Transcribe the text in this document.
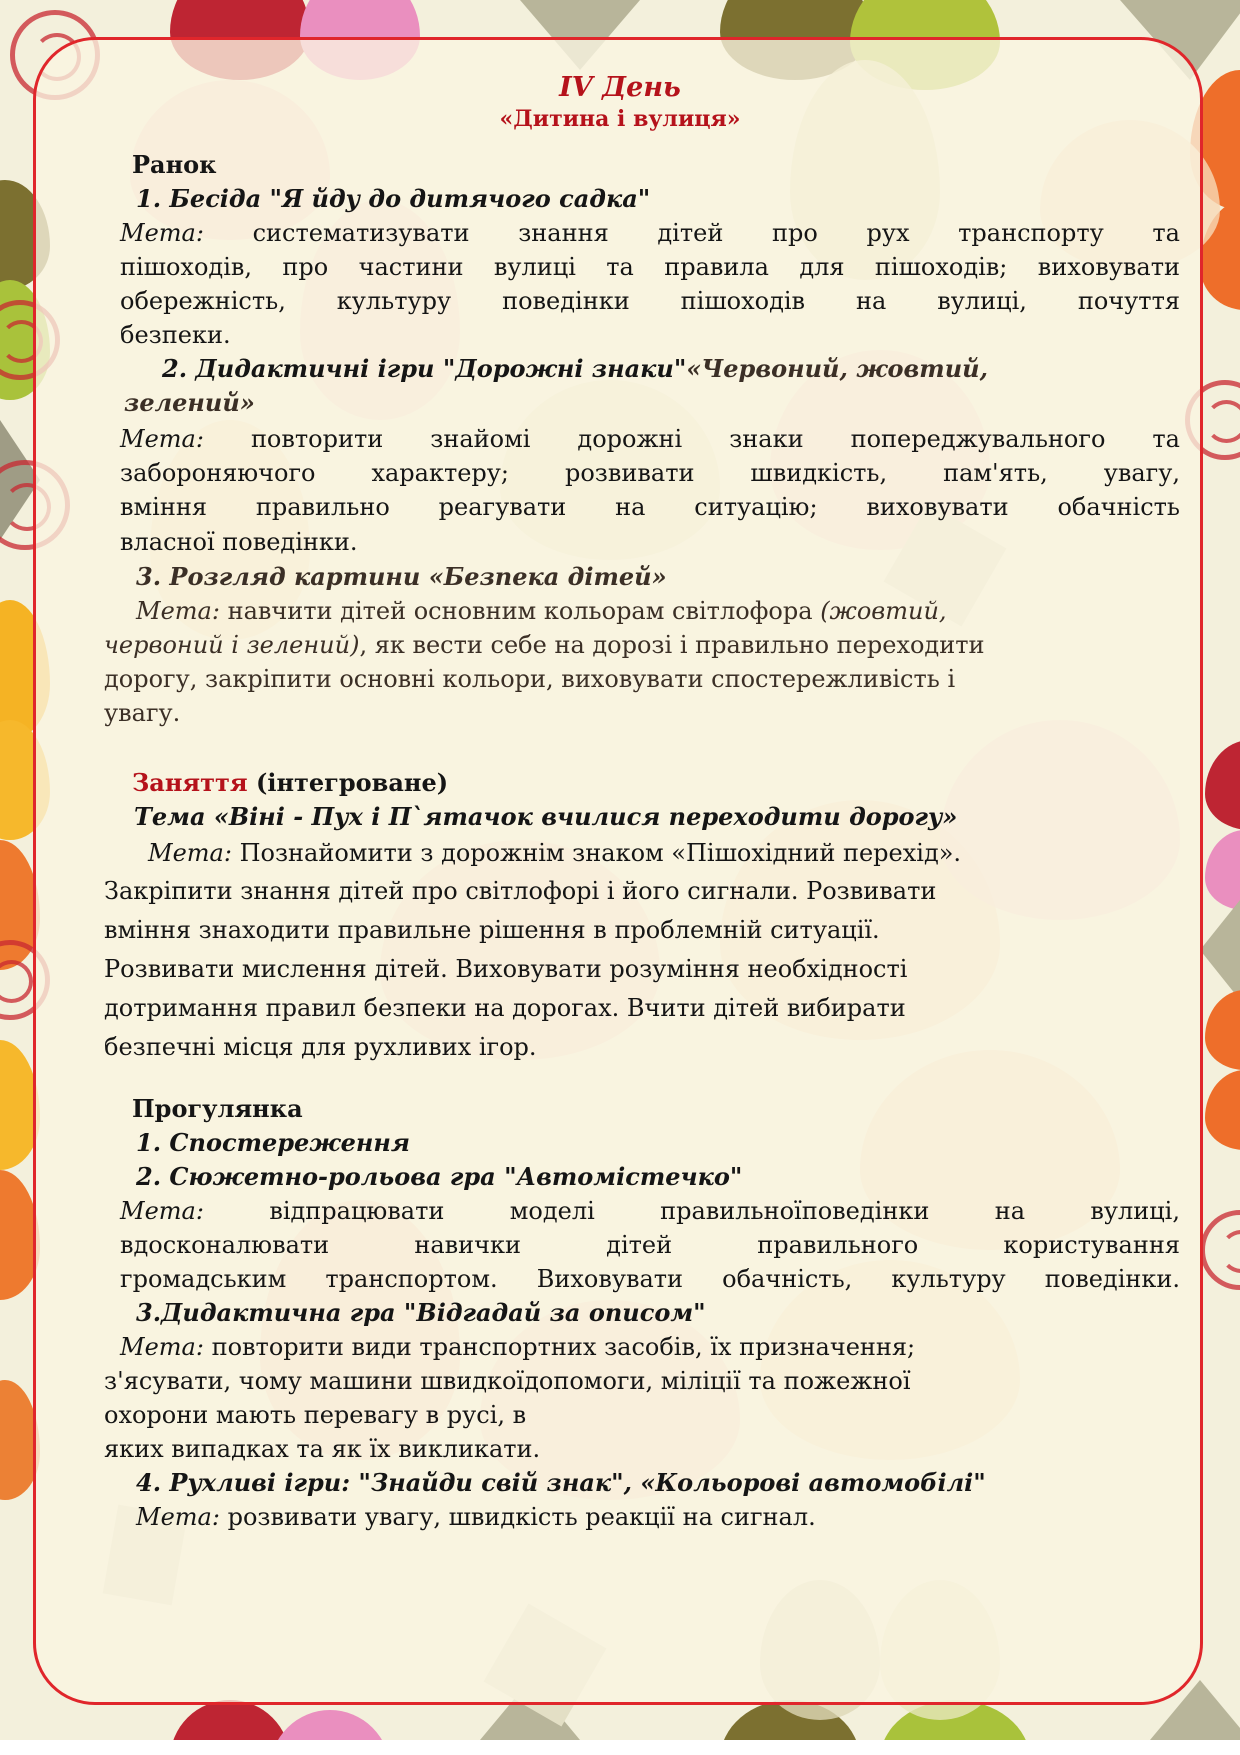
IV День
«Дитина і вулиця»
Ранок
1. Бесіда "Я йду до дитячого садка"
Мета: систематизувати знання дітей про рух транспорту та
пішоходів, про частини вулиці та правила для пішоходів; виховувати
обережність, культуру поведінки пішоходів на вулиці, почуття
безпеки.
2. Дидактичні ігри "Дорожні знаки"«Червоний, жовтий,
зелений»
Мета: повторити знайомі дорожні знаки попереджувального та
забороняючого характеру; розвивати швидкість, пам'ять, увагу,
вміння правильно реагувати на ситуацію; виховувати обачність
власної поведінки.
3. Розгляд картини «Безпека дітей»
Мета: навчити дітей основним кольорам світлофора (жовтий,
червоний і зелений), як вести себе на дорозі і правильно переходити
дорогу, закріпити основні кольори, виховувати спостережливість і
увагу.
Заняття (інтегроване)
Тема «Віні - Пух і П`ятачок вчилися переходити дорогу»
Мета: Познайомити з дорожнім знаком «Пішохідний перехід».
Закріпити знання дітей про світлофорі і його сигнали. Розвивати
вміння знаходити правильне рішення в проблемній ситуації.
Розвивати мислення дітей. Виховувати розуміння необхідності
дотримання правил безпеки на дорогах. Вчити дітей вибирати
безпечні місця для рухливих ігор.
Прогулянка
1. Спостереження
2. Сюжетно-рольова гра "Автомістечко"
Мета:	відпрацювати моделі правильноїповедінки на вулиці,
вдосконалювати навички дітей правильного користування
громадським транспортом. Виховувати обачність, культуру поведінки.
3.Дидактична гра "Відгадай за описом"
Мета: повторити види транспортних засобів, їх призначення;
з'ясувати, чому машини швидкоїдопомоги, міліції та пожежної
охорони мають перевагу в русі, в
яких випадках та як їх викликати.
4. Рухливі ігри: "Знайди свій знак", «Кольорові автомобілі"
Мета: розвивати увагу, швидкість реакції на сигнал.
